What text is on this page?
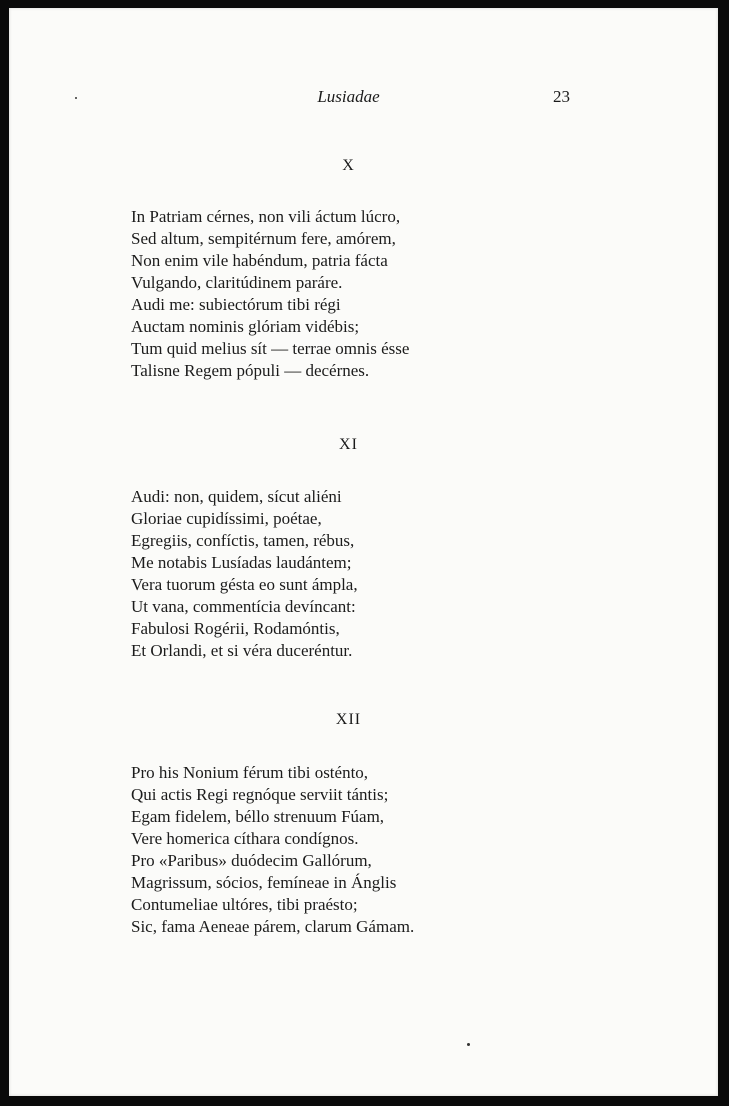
Lusiadae	23
X
In Patriam cérnes, non vili áctum lúcro,
Sed altum, sempitérnum fere, amórem,
Non enim vile habéndum, patria fácta
Vulgando, claritúdinem paráre.
Audi me: subiectórum tibi régi
Auctam nominis glóriam vidébis;
Tum quid melius sít — terrae omnis ésse
Talisne Regem pópuli — decérnes.
XI
Audi: non, quidem, sícut aliéni
Gloriae cupidíssimi, poétae,
Egregiis, confíctis, tamen, rébus,
Me notabis Lusíadas laudántem;
Vera tuorum gésta eo sunt ámpla,
Ut vana, commentícia devíncant:
Fabulosi Rogérii, Rodamóntis,
Et Orlandi, et si véra duceréntur.
XII
Pro his Nonium férum tibi osténto,
Qui actis Regi regnóque serviit tántis;
Egam fidelem, béllo strenuum Fúam,
Vere homerica cíthara condígnos.
Pro «Paribus» duódecim Gallórum,
Magrissum, sócios, femíneae in Ánglis
Contumeliae ultóres, tibi praésto;
Sic, fama Aeneae párem, clarum Gámam.
